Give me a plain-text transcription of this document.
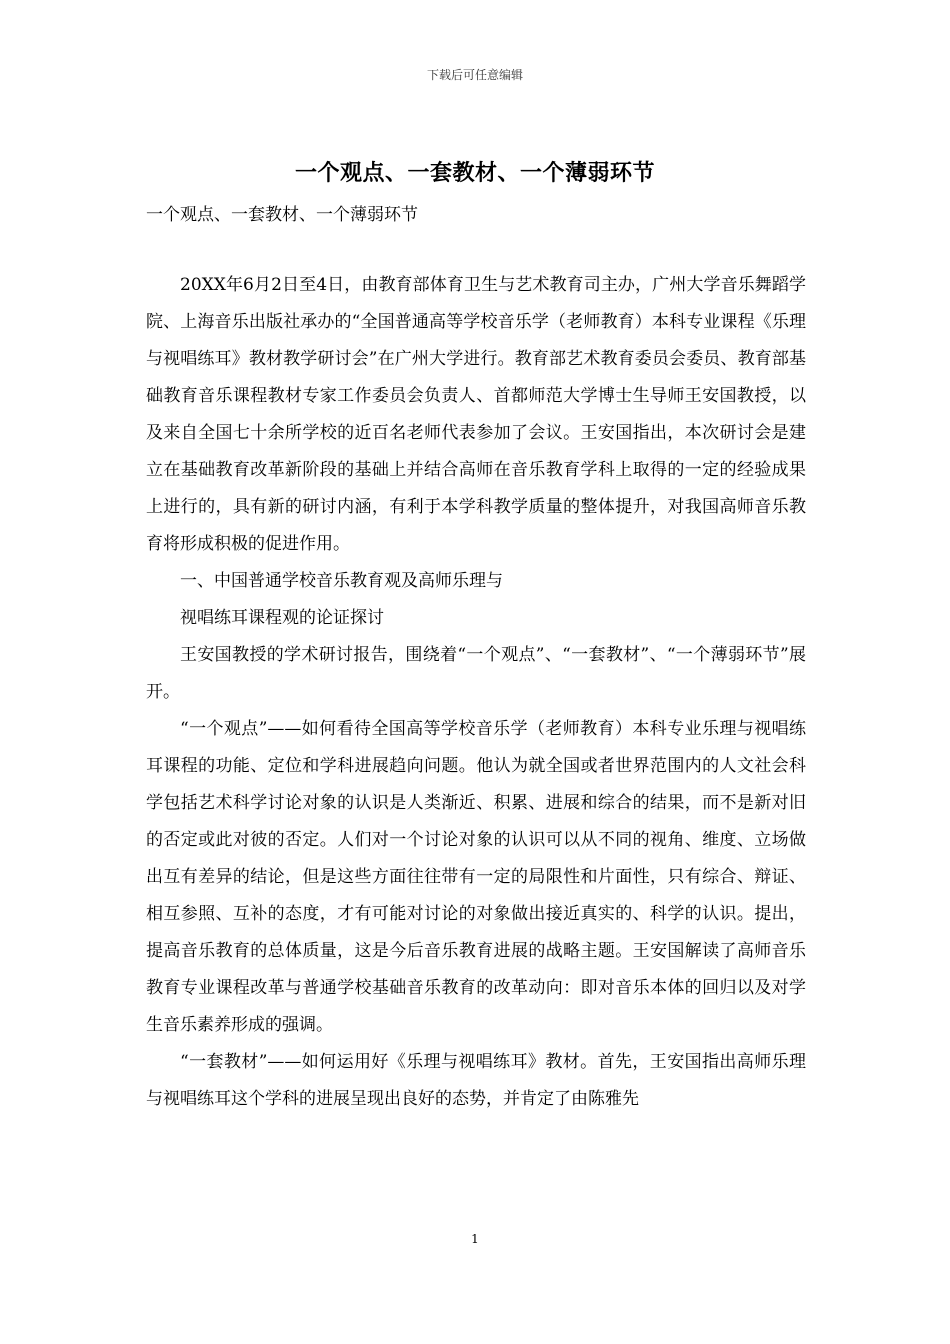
下载后可任意编辑
一个观点、一套教材、一个薄弱环节
一个观点、一套教材、一个薄弱环节

20XX年6月2日至4日，由教育部体育卫生与艺术教育司主办，广州大学音乐舞蹈学院、上海音乐出版社承办的“全国普通高等学校音乐学（老师教育）本科专业课程《乐理与视唱练耳》教材教学研讨会”在广州大学进行。教育部艺术教育委员会委员、教育部基础教育音乐课程教材专家工作委员会负责人、首都师范大学博士生导师王安国教授，以及来自全国七十余所学校的近百名老师代表参加了会议。王安国指出，本次研讨会是建立在基础教育改革新阶段的基础上并结合高师在音乐教育学科上取得的一定的经验成果上进行的，具有新的研讨内涵，有利于本学科教学质量的整体提升，对我国高师音乐教育将形成积极的促进作用。

一、中国普通学校音乐教育观及高师乐理与

视唱练耳课程观的论证探讨

王安国教授的学术研讨报告，围绕着“一个观点”、“一套教材”、“一个薄弱环节”展开。

“一个观点”——如何看待全国高等学校音乐学（老师教育）本科专业乐理与视唱练耳课程的功能、定位和学科进展趋向问题。他认为就全国或者世界范围内的人文社会科学包括艺术科学讨论对象的认识是人类渐近、积累、进展和综合的结果，而不是新对旧的否定或此对彼的否定。人们对一个讨论对象的认识可以从不同的视角、维度、立场做出互有差异的结论，但是这些方面往往带有一定的局限性和片面性，只有综合、辩证、相互参照、互补的态度，才有可能对讨论的对象做出接近真实的、科学的认识。提出，提高音乐教育的总体质量，这是今后音乐教育进展的战略主题。王安国解读了高师音乐教育专业课程改革与普通学校基础音乐教育的改革动向：即对音乐本体的回归以及对学生音乐素养形成的强调。

“一套教材”——如何运用好《乐理与视唱练耳》教材。首先，王安国指出高师乐理与视唱练耳这个学科的进展呈现出良好的态势，并肯定了由陈雅先

1
